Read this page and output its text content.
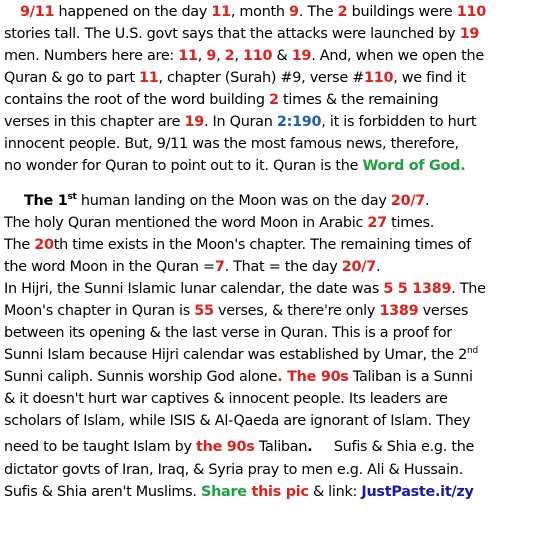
9/11 happened on the day 11, month 9. The 2 buildings were 110
stories tall. The U.S. govt says that the attacks were launched by 19
men. Numbers here are: 11, 9, 2, 110 & 19. And, when we open the
Quran & go to part 11, chapter (Surah) #9, verse #110, we find it
contains the root of the word building 2 times & the remaining
verses in this chapter are 19. In Quran 2:190, it is forbidden to hurt
innocent people. But, 9/11 was the most famous news, therefore,
no wonder for Quran to point out to it. Quran is the Word of God.
The 1st human landing on the Moon was on the day 20/7.
The holy Quran mentioned the word Moon in Arabic 27 times.
The 20th time exists in the Moon's chapter. The remaining times of
the word Moon in the Quran =7. That = the day 20/7.
In Hijri, the Sunni Islamic lunar calendar, the date was 5 5 1389. The
Moon's chapter in Quran is 55 verses, & there're only 1389 verses
between its opening & the last verse in Quran. This is a proof for
Sunni Islam because Hijri calendar was established by Umar, the 2nd
Sunni caliph. Sunnis worship God alone. The 90s Taliban is a Sunni
& it doesn't hurt war captives & innocent people. Its leaders are
scholars of Islam, while ISIS & Al-Qaeda are ignorant of Islam. They
need to be taught Islam by the 90s Taliban.     Sufis & Shia e.g. the
dictator govts of Iran, Iraq, & Syria pray to men e.g. Ali & Hussain.
Sufis & Shia aren't Muslims. Share this pic & link: JustPaste.it/zy
